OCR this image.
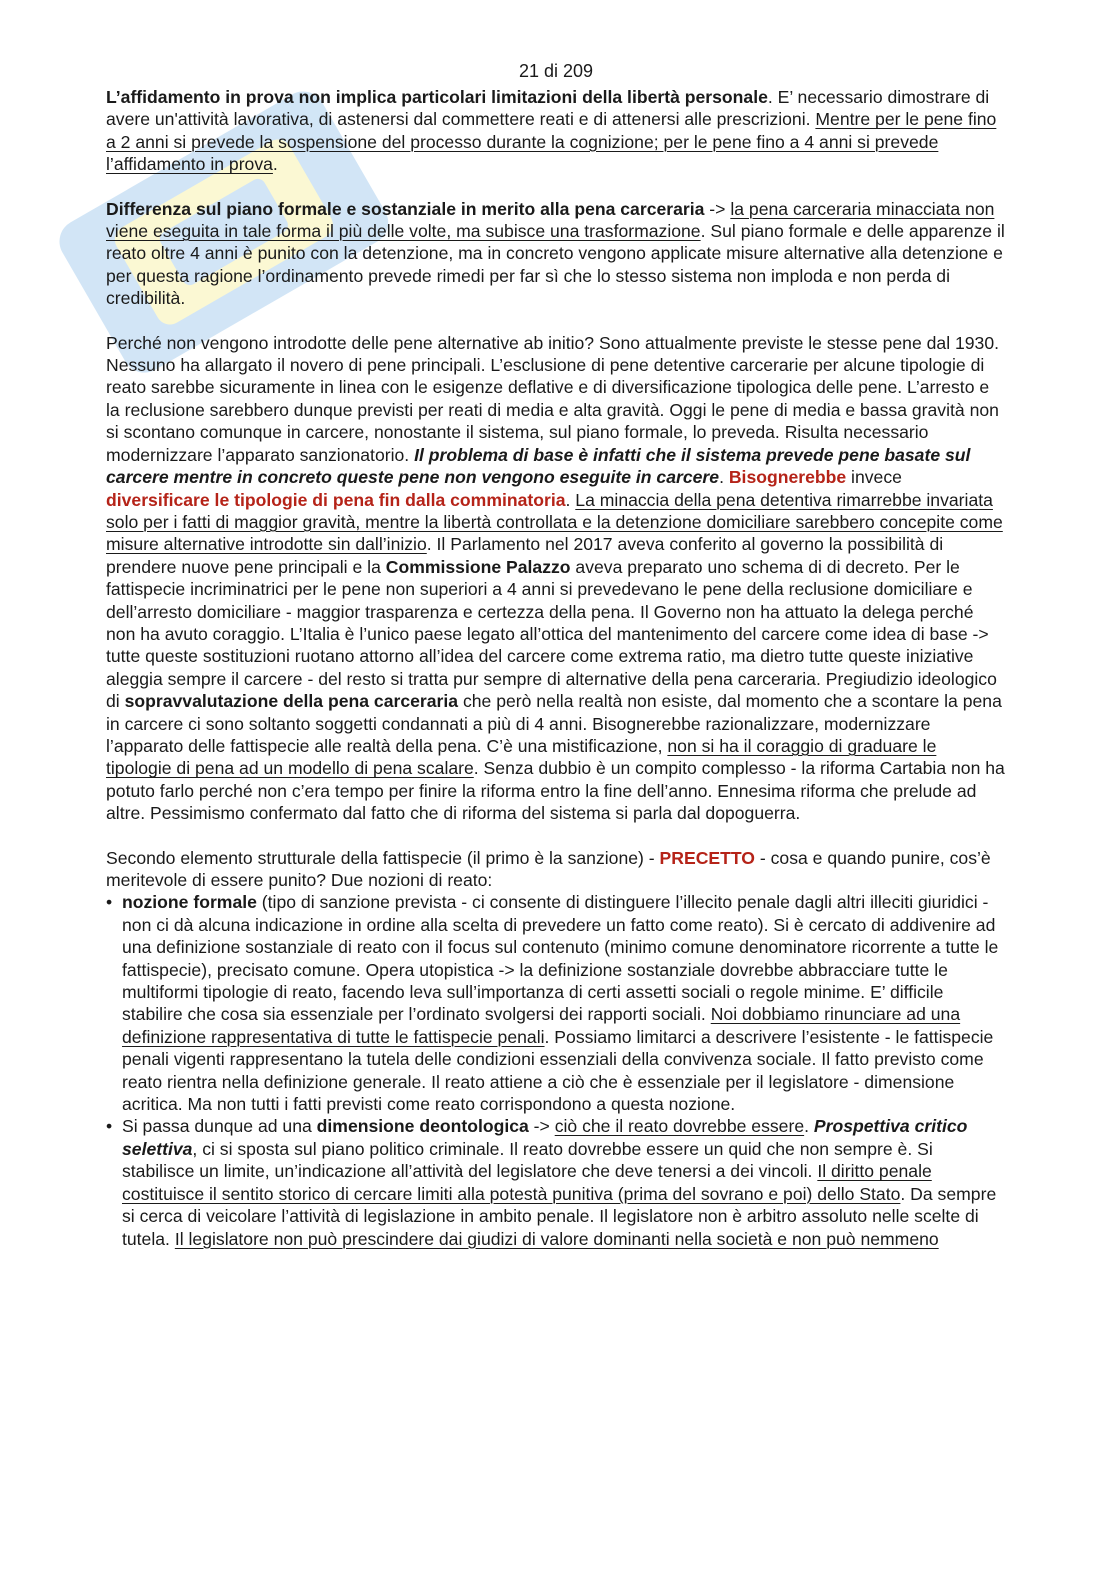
21 di 209

L’affidamento in prova non implica particolari limitazioni della libertà personale. E’ necessario dimostrare di avere un'attività lavorativa, di astenersi dal commettere reati e di attenersi alle prescrizioni. Mentre per le pene fino a 2 anni si prevede la sospensione del processo durante la cognizione; per le pene fino a 4 anni si prevede l’affidamento in prova.

Differenza sul piano formale e sostanziale in merito alla pena carceraria -> la pena carceraria minacciata non viene eseguita in tale forma il più delle volte, ma subisce una trasformazione. Sul piano formale e delle apparenze il reato oltre 4 anni è punito con la detenzione, ma in concreto vengono applicate misure alternative alla detenzione e per questa ragione l’ordinamento prevede rimedi per far sì che lo stesso sistema non imploda e non perda di credibilità.

Perché non vengono introdotte delle pene alternative ab initio? Sono attualmente previste le stesse pene dal 1930. Nessuno ha allargato il novero di pene principali. L’esclusione di pene detentive carcerarie per alcune tipologie di reato sarebbe sicuramente in linea con le esigenze deflative e di diversificazione tipologica delle pene. L’arresto e la reclusione sarebbero dunque previsti per reati di media e alta gravità. Oggi le pene di media e bassa gravità non si scontano comunque in carcere, nonostante il sistema, sul piano formale, lo preveda. Risulta necessario modernizzare l’apparato sanzionatorio. Il problema di base è infatti che il sistema prevede pene basate sul carcere mentre in concreto queste pene non vengono eseguite in carcere. Bisognerebbe invece diversificare le tipologie di pena fin dalla comminatoria. La minaccia della pena detentiva rimarrebbe invariata solo per i fatti di maggior gravità, mentre la libertà controllata e la detenzione domiciliare sarebbero concepite come misure alternative introdotte sin dall’inizio. Il Parlamento nel 2017 aveva conferito al governo la possibilità di prendere nuove pene principali e la Commissione Palazzo aveva preparato uno schema di di decreto. Per le fattispecie incriminatrici per le pene non superiori a 4 anni si prevedevano le pene della reclusione domiciliare e dell’arresto domiciliare - maggior trasparenza e certezza della pena. Il Governo non ha attuato la delega perché non ha avuto coraggio. L’Italia è l’unico paese legato all’ottica del mantenimento del carcere come idea di base -> tutte queste sostituzioni ruotano attorno all’idea del carcere come extrema ratio, ma dietro tutte queste iniziative aleggia sempre il carcere - del resto si tratta pur sempre di alternative della pena carceraria. Pregiudizio ideologico di sopravvalutazione della pena carceraria che però nella realtà non esiste, dal momento che a scontare la pena in carcere ci sono soltanto soggetti condannati a più di 4 anni. Bisognerebbe razionalizzare, modernizzare l’apparato delle fattispecie alle realtà della pena. C’è una mistificazione, non si ha il coraggio di graduare le tipologie di pena ad un modello di pena scalare. Senza dubbio è un compito complesso - la riforma Cartabia non ha potuto farlo perché non c’era tempo per finire la riforma entro la fine dell’anno. Ennesima riforma che prelude ad altre. Pessimismo confermato dal fatto che di riforma del sistema si parla dal dopoguerra.

Secondo elemento strutturale della fattispecie (il primo è la sanzione) - PRECETTO - cosa e quando punire, cos’è meritevole di essere punito? Due nozioni di reato:

• nozione formale (tipo di sanzione prevista - ci consente di distinguere l’illecito penale dagli altri illeciti giuridici - non ci dà alcuna indicazione in ordine alla scelta di prevedere un fatto come reato). Si è cercato di addivenire ad una definizione sostanziale di reato con il focus sul contenuto (minimo comune denominatore ricorrente a tutte le fattispecie), precisato comune. Opera utopistica -> la definizione sostanziale dovrebbe abbracciare tutte le multiformi tipologie di reato, facendo leva sull’importanza di certi assetti sociali o regole minime. E’ difficile stabilire che cosa sia essenziale per l’ordinato svolgersi dei rapporti sociali. Noi dobbiamo rinunciare ad una definizione rappresentativa di tutte le fattispecie penali. Possiamo limitarci a descrivere l’esistente - le fattispecie penali vigenti rappresentano la tutela delle condizioni essenziali della convivenza sociale. Il fatto previsto come reato rientra nella definizione generale. Il reato attiene a ciò che è essenziale per il legislatore - dimensione acritica. Ma non tutti i fatti previsti come reato corrispondono a questa nozione.
• Si passa dunque ad una dimensione deontologica -> ciò che il reato dovrebbe essere. Prospettiva critico selettiva, ci si sposta sul piano politico criminale. Il reato dovrebbe essere un quid che non sempre è. Si stabilisce un limite, un’indicazione all’attività del legislatore che deve tenersi a dei vincoli. Il diritto penale costituisce il sentito storico di cercare limiti alla potestà punitiva (prima del sovrano e poi) dello Stato. Da sempre si cerca di veicolare l’attività di legislazione in ambito penale. Il legislatore non è arbitro assoluto nelle scelte di tutela. Il legislatore non può prescindere dai giudizi di valore dominanti nella società e non può nemmeno
